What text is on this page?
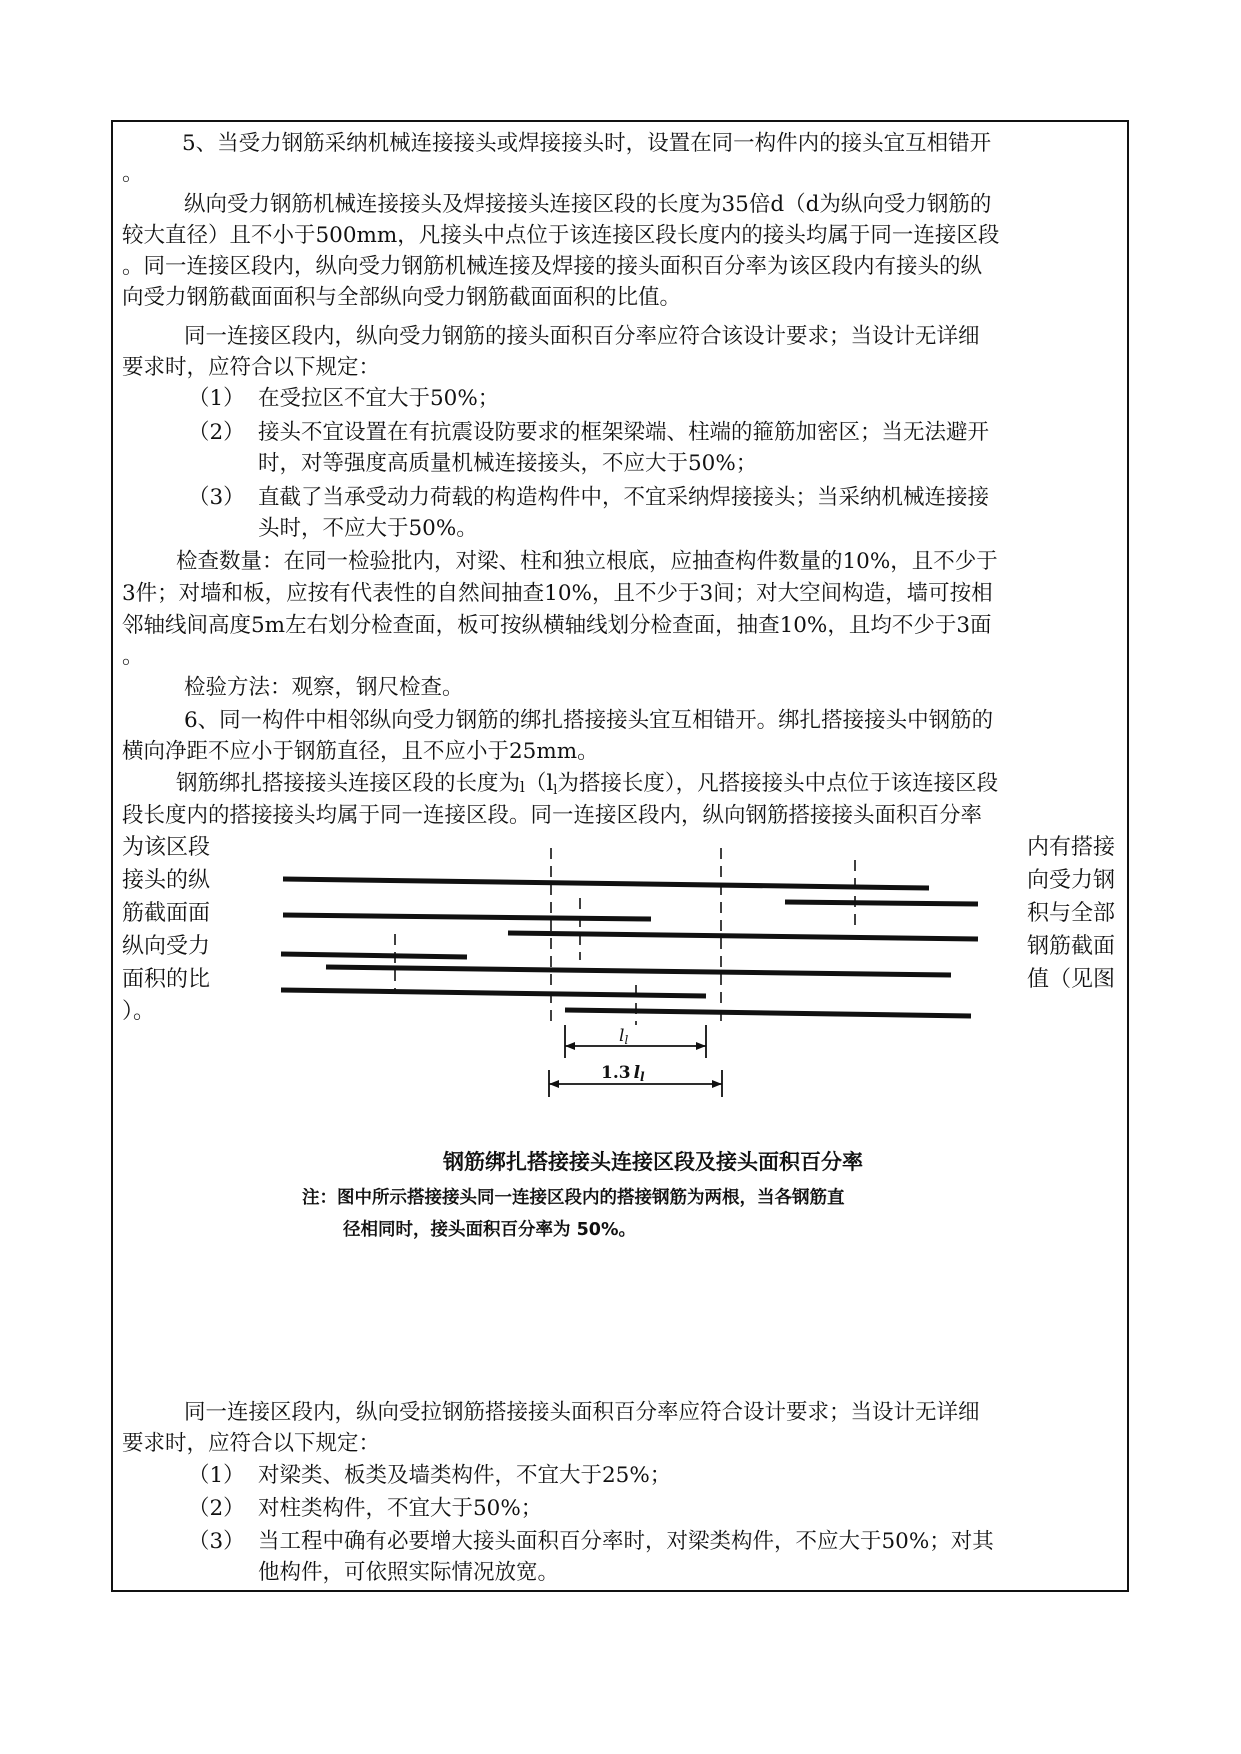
5、当受力钢筋采纳机械连接接头或焊接接头时，设置在同一构件内的接头宜互相错开
。
纵向受力钢筋机械连接接头及焊接接头连接区段的长度为35倍d（d为纵向受力钢筋的
较大直径）且不小于500mm，凡接头中点位于该连接区段长度内的接头均属于同一连接区段
。同一连接区段内，纵向受力钢筋机械连接及焊接的接头面积百分率为该区段内有接头的纵
向受力钢筋截面面积与全部纵向受力钢筋截面面积的比值。
同一连接区段内，纵向受力钢筋的接头面积百分率应符合该设计要求；当设计无详细
要求时，应符合以下规定：
（1） 在受拉区不宜大于50%；
（2） 接头不宜设置在有抗震设防要求的框架梁端、柱端的箍筋加密区；当无法避开
时，对等强度高质量机械连接接头，不应大于50%；
（3） 直截了当承受动力荷载的构造构件中，不宜采纳焊接接头；当采纳机械连接接
头时，不应大于50%。
检查数量：在同一检验批内，对梁、柱和独立根底，应抽查构件数量的10%，且不少于
3件；对墙和板，应按有代表性的自然间抽查10%，且不少于3间；对大空间构造，墙可按相
邻轴线间高度5m左右划分检查面，板可按纵横轴线划分检查面，抽查10%，且均不少于3面
。
检验方法：观察，钢尺检查。
6、同一构件中相邻纵向受力钢筋的绑扎搭接接头宜互相错开。绑扎搭接接头中钢筋的
横向净距不应小于钢筋直径，且不应小于25mm。
钢筋绑扎搭接接头连接区段的长度为l（ll为搭接长度），凡搭接接头中点位于该连接区段
段长度内的搭接接头均属于同一连接区段。同一连接区段内，纵向钢筋搭接接头面积百分率
为该区段
接头的纵
筋截面面
纵向受力
面积的比
）。
内有搭接
向受力钢
积与全部
钢筋截面
值（见图
ll
1.3 ll
钢筋绑扎搭接接头连接区段及接头面积百分率
注：图中所示搭接接头同一连接区段内的搭接钢筋为两根，当各钢筋直
径相同时，接头面积百分率为 50%。
同一连接区段内，纵向受拉钢筋搭接接头面积百分率应符合设计要求；当设计无详细
要求时，应符合以下规定：
（1） 对梁类、板类及墙类构件，不宜大于25%；
（2） 对柱类构件，不宜大于50%；
（3） 当工程中确有必要增大接头面积百分率时，对梁类构件，不应大于50%；对其
他构件，可依照实际情况放宽。
